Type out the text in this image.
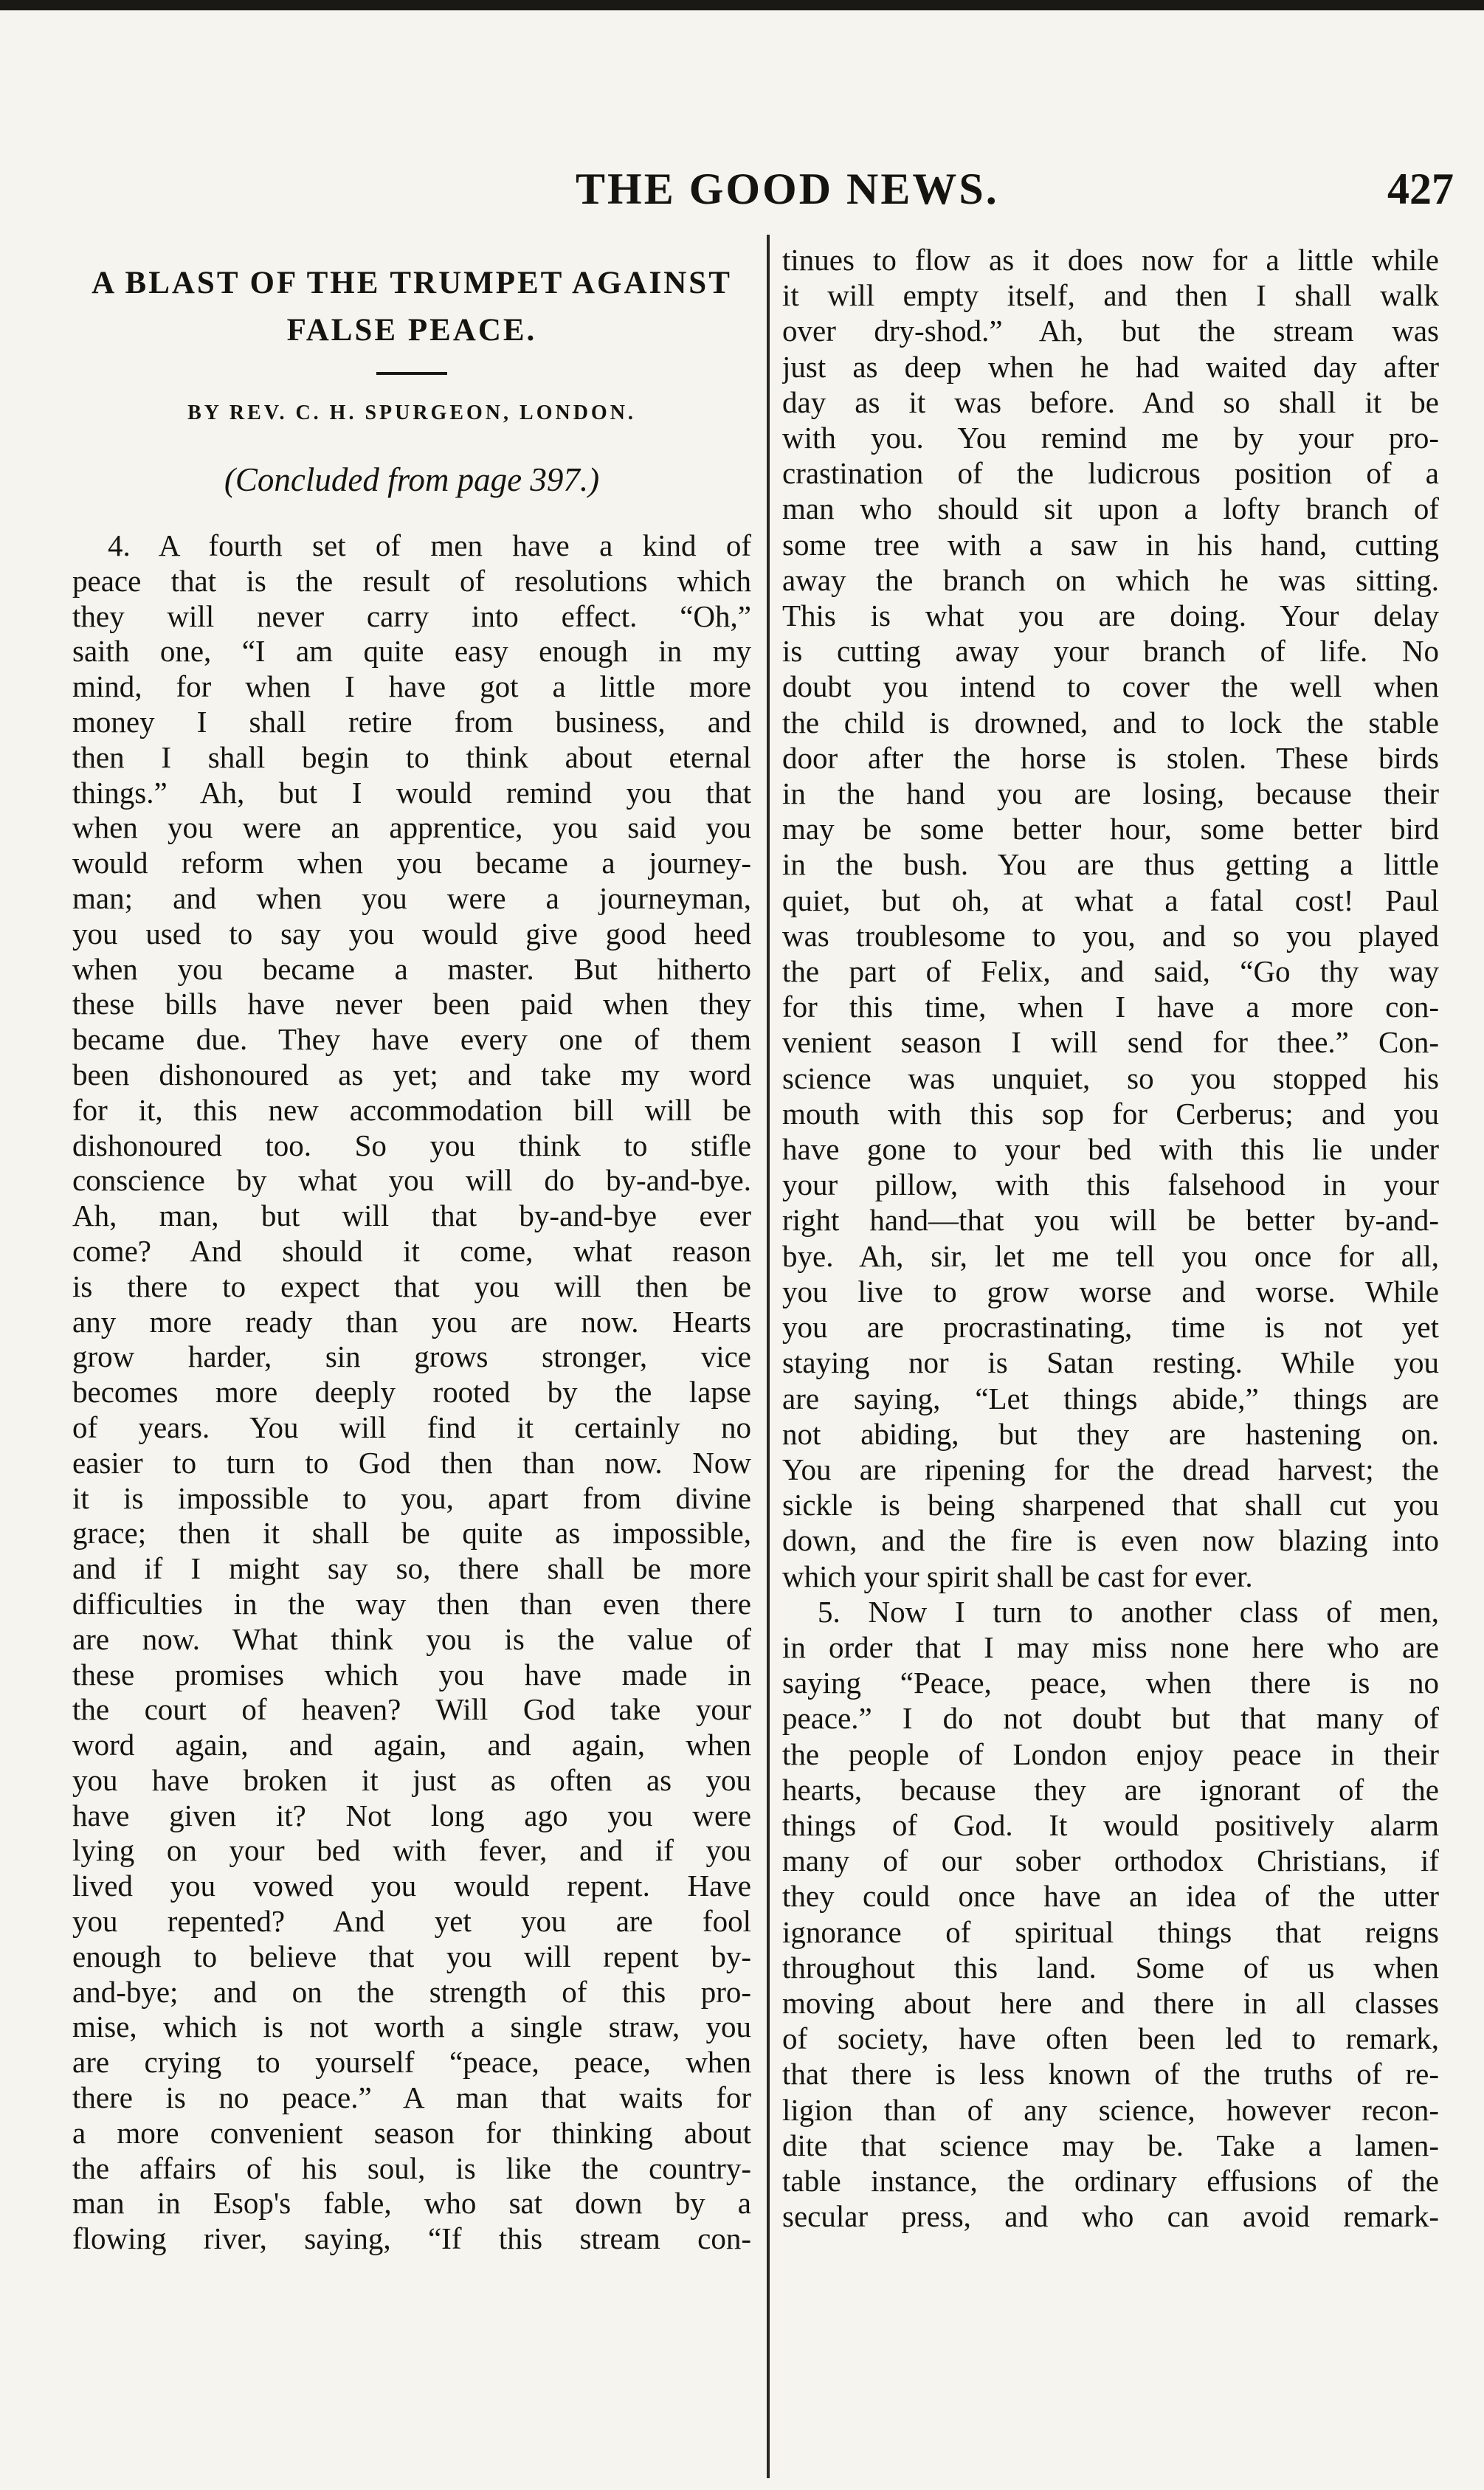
THE GOOD NEWS.	427
A BLAST OF THE TRUMPET AGAINST FALSE PEACE.
BY REV. C. H. SPURGEON, LONDON.
(Concluded from page 397.)
4. A fourth set of men have a kind of
peace that is the result of resolutions which
they will never carry into effect. “Oh,”
saith one, “I am quite easy enough in my
mind, for when I have got a little more
money I shall retire from business, and
then I shall begin to think about eternal
things.” Ah, but I would remind you that
when you were an apprentice, you said you
would reform when you became a journey-
man; and when you were a journeyman,
you used to say you would give good heed
when you became a master. But hitherto
these bills have never been paid when they
became due. They have every one of them
been dishonoured as yet; and take my word
for it, this new accommodation bill will be
dishonoured too. So you think to stifle
conscience by what you will do by-and-bye.
Ah, man, but will that by-and-bye ever
come? And should it come, what reason
is there to expect that you will then be
any more ready than you are now. Hearts
grow harder, sin grows stronger, vice
becomes more deeply rooted by the lapse
of years. You will find it certainly no
easier to turn to God then than now. Now
it is impossible to you, apart from divine
grace; then it shall be quite as impossible,
and if I might say so, there shall be more
difficulties in the way then than even there
are now. What think you is the value of
these promises which you have made in
the court of heaven? Will God take your
word again, and again, and again, when
you have broken it just as often as you
have given it? Not long ago you were
lying on your bed with fever, and if you
lived you vowed you would repent. Have
you repented? And yet you are fool
enough to believe that you will repent by-
and-bye; and on the strength of this pro-
mise, which is not worth a single straw, you
are crying to yourself “peace, peace, when
there is no peace.” A man that waits for
a more convenient season for thinking about
the affairs of his soul, is like the country-
man in Esop's fable, who sat down by a
flowing river, saying, “If this stream con-
tinues to flow as it does now for a little while
it will empty itself, and then I shall walk
over dry-shod.” Ah, but the stream was
just as deep when he had waited day after
day as it was before. And so shall it be
with you. You remind me by your pro-
crastination of the ludicrous position of a
man who should sit upon a lofty branch of
some tree with a saw in his hand, cutting
away the branch on which he was sitting.
This is what you are doing. Your delay
is cutting away your branch of life. No
doubt you intend to cover the well when
the child is drowned, and to lock the stable
door after the horse is stolen. These birds
in the hand you are losing, because their
may be some better hour, some better bird
in the bush. You are thus getting a little
quiet, but oh, at what a fatal cost! Paul
was troublesome to you, and so you played
the part of Felix, and said, “Go thy way
for this time, when I have a more con-
venient season I will send for thee.” Con-
science was unquiet, so you stopped his
mouth with this sop for Cerberus; and you
have gone to your bed with this lie under
your pillow, with this falsehood in your
right hand—that you will be better by-and-
bye. Ah, sir, let me tell you once for all,
you live to grow worse and worse. While
you are procrastinating, time is not yet
staying nor is Satan resting. While you
are saying, “Let things abide,” things are
not abiding, but they are hastening on.
You are ripening for the dread harvest; the
sickle is being sharpened that shall cut you
down, and the fire is even now blazing into
which your spirit shall be cast for ever.
5. Now I turn to another class of men,
in order that I may miss none here who are
saying “Peace, peace, when there is no
peace.” I do not doubt but that many of
the people of London enjoy peace in their
hearts, because they are ignorant of the
things of God. It would positively alarm
many of our sober orthodox Christians, if
they could once have an idea of the utter
ignorance of spiritual things that reigns
throughout this land. Some of us when
moving about here and there in all classes
of society, have often been led to remark,
that there is less known of the truths of re-
ligion than of any science, however recon-
dite that science may be. Take a lamen-
table instance, the ordinary effusions of the
secular press, and who can avoid remark-
